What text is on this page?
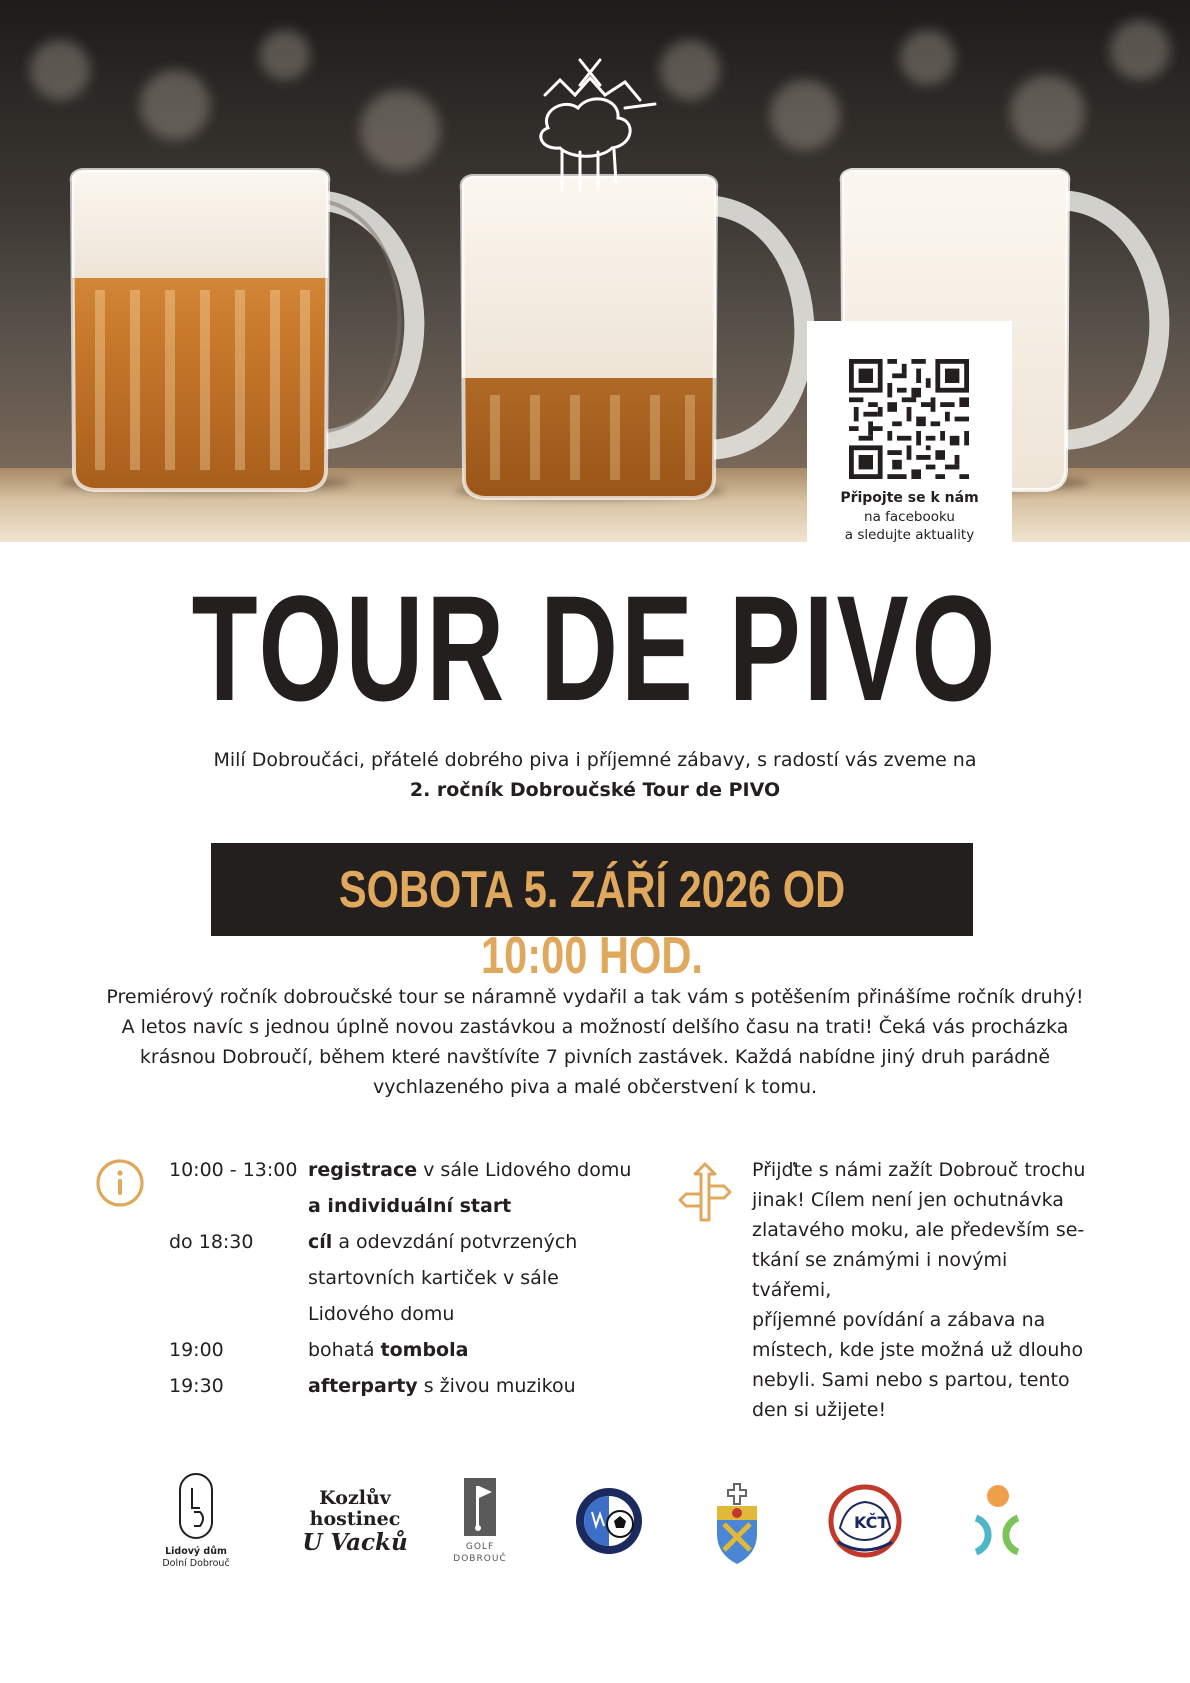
Připojte se k nám
na facebooku
a sledujte aktuality
TOUR DE PIVO
Milí Dobroučáci, přátelé dobrého piva i příjemné zábavy, s radostí vás zveme na
2. ročník Dobroučské Tour de PIVO
SOBOTA 5. ZÁŘÍ 2026 OD 10:00 HOD.
Premiérový ročník dobroučské tour se náramně vydařil a tak vám s potěšením přinášíme ročník druhý!
A letos navíc s jednou úplně novou zastávkou a možností delšího času na trati! Čeká vás procházka
krásnou Dobroučí, během které navštívíte 7 pivních zastávek. Každá nabídne jiný druh parádně
vychlazeného piva a malé občerstvení k tomu.
10:00 - 13:00 registrace v sále Lidového domu
a individuální start
do 18:30	cíl a odevzdání potvrzených
startovních kartiček v sále
Lidového domu
19:00	bohatá tombola
19:30	afterparty s živou muzikou
Přijďte s námi zažít Dobrouč trochu
jinak! Cílem není jen ochutnávka
zlatavého moku, ale především se-
tkání se známými i novými tvářemi,
příjemné povídání a zábava na
místech, kde jste možná už dlouho
nebyli. Sami nebo s partou, tento
den si užijete!
Lidový dům
Dolní Dobrouč
Kozlův
hostinec
U Vacků	GOLF
DOBROUČ
KČT
